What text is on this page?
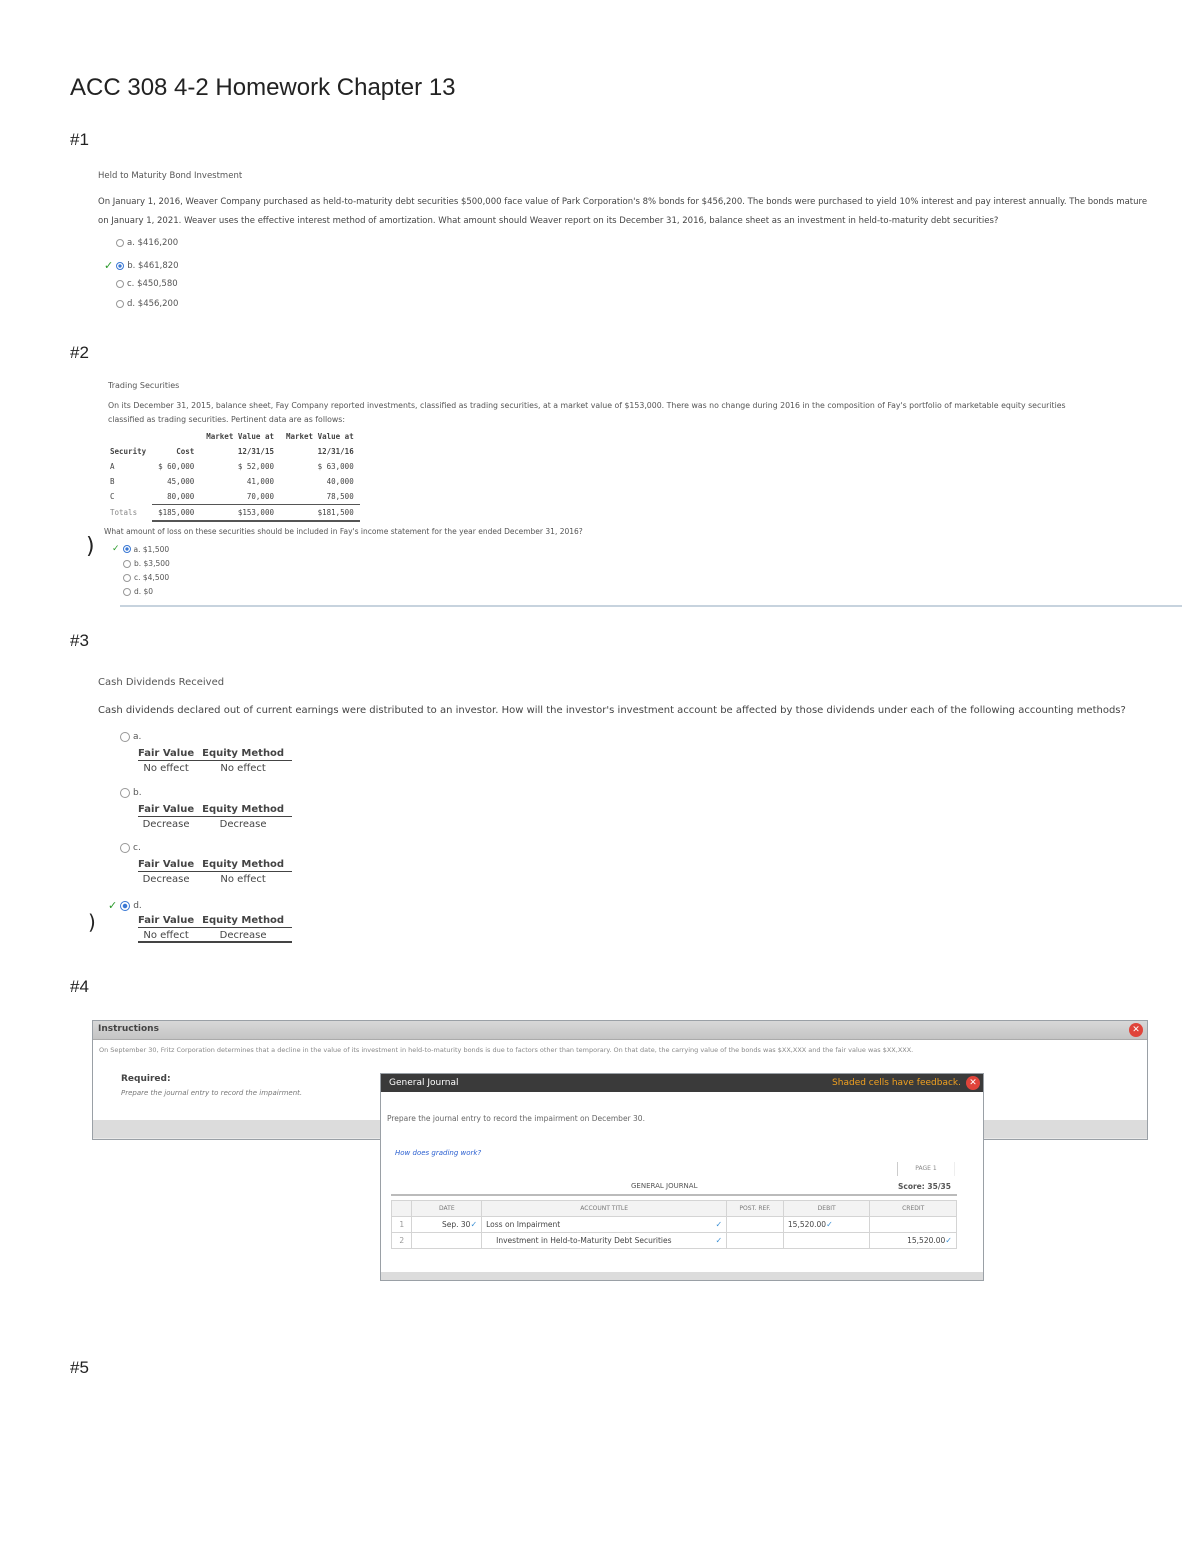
ACC 308 4-2 Homework Chapter 13
#1
Held to Maturity Bond Investment
On January 1, 2016, Weaver Company purchased as held-to-maturity debt securities $500,000 face value of Park Corporation's 8% bonds for $456,200. The bonds were purchased to yield 10% interest and pay interest annually. The bonds mature
on January 1, 2021. Weaver uses the effective interest method of amortization. What amount should Weaver report on its December 31, 2016, balance sheet as an investment in held-to-maturity debt securities?
a. $416,200
✓ b. $461,820
c. $450,580
d. $456,200
#2
Trading Securities
On its December 31, 2015, balance sheet, Fay Company reported investments, classified as trading securities, at a market value of $153,000. There was no change during 2016 in the composition of Fay's portfolio of marketable equity securities
classified as trading securities. Pertinent data are as follows:
		Market Value at	Market Value at
Security	Cost	12/31/15	12/31/16
A	$ 60,000	$ 52,000	$ 63,000
B	45,000	41,000	40,000
C	80,000	70,000	78,500
Totals	$185,000	$153,000	$181,500
What amount of loss on these securities should be included in Fay's income statement for the year ended December 31, 2016?
) ✓ a. $1,500
b. $3,500
c. $4,500
d. $0
#3
Cash Dividends Received
Cash dividends declared out of current earnings were distributed to an investor. How will the investor's investment account be affected by those dividends under each of the following accounting methods?
a.
Fair Value	Equity Method
No effect	No effect
b.
Fair Value	Equity Method
Decrease	Decrease
c.
Fair Value	Equity Method
Decrease	No effect
)
✓ d.
Fair Value	Equity Method
No effect	Decrease
#4
Instructions	✕
On September 30, Fritz Corporation determines that a decline in the value of its investment in held-to-maturity bonds is due to factors other than temporary. On that date, the carrying value of the bonds was $XX,XXX and the fair value was $XX,XXX.
Required:
Prepare the journal entry to record the impairment.
General Journal	Shaded cells have feedback. ✕
Prepare the journal entry to record the impairment on December 30.
How does grading work?
PAGE 1
GENERAL JOURNAL	Score: 35/35
	DATE	ACCOUNT TITLE	POST. REF.	DEBIT	CREDIT
1	Sep. 30✓	Loss on Impairment ✓		15,520.00✓	
2		Investment in Held-to-Maturity Debt Securities ✓			15,520.00✓
#5
